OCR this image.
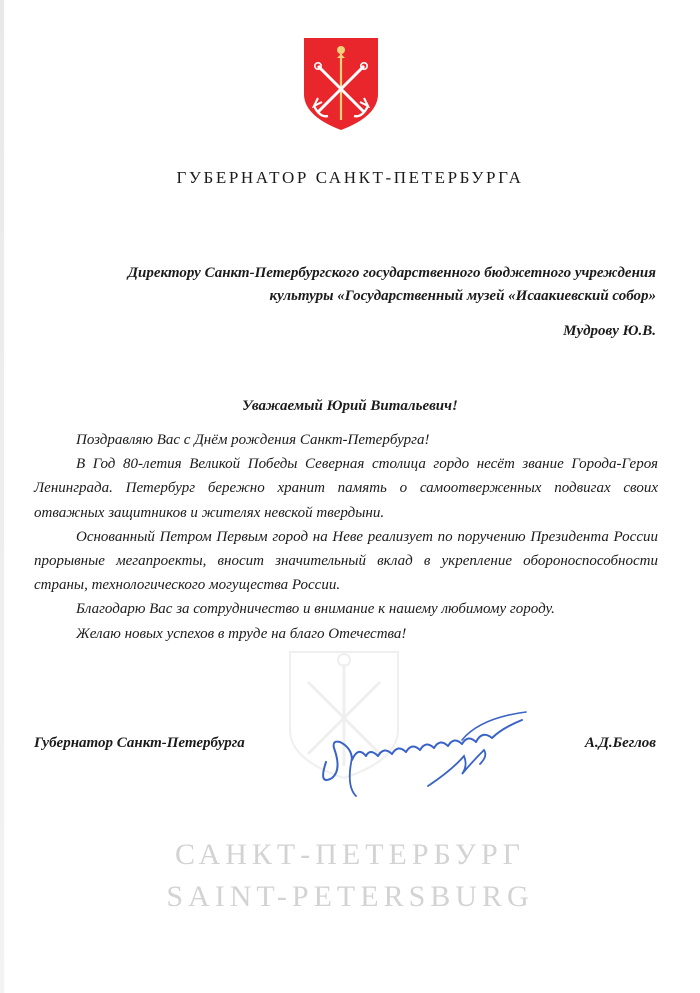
ГУБЕРНАТОР САНКТ-ПЕТЕРБУРГА
Директору Санкт-Петербургского государственного бюджетного учреждения культуры «Государственный музей «Исаакиевский собор»
Мудрову Ю.В.
Уважаемый Юрий Витальевич!

Поздравляю Вас с Днём рождения Санкт-Петербурга!

В Год 80-летия Великой Победы Северная столица гордо несёт звание Города-Героя Ленинграда. Петербург бережно хранит память о самоотверженных подвигах своих отважных защитников и жителях невской твердыни.

Основанный Петром Первым город на Неве реализует по поручению Президента России прорывные мегапроекты, вносит значительный вклад в укрепление обороноспособности страны, технологического могущества России.

Благодарю Вас за сотрудничество и внимание к нашему любимому городу.

Желаю новых успехов в труде на благо Отечества!

Губернатор Санкт-Петербурга	А.Д.Беглов
САНКТ-ПЕТЕРБУРГ
SAINT-PETERSBURG
